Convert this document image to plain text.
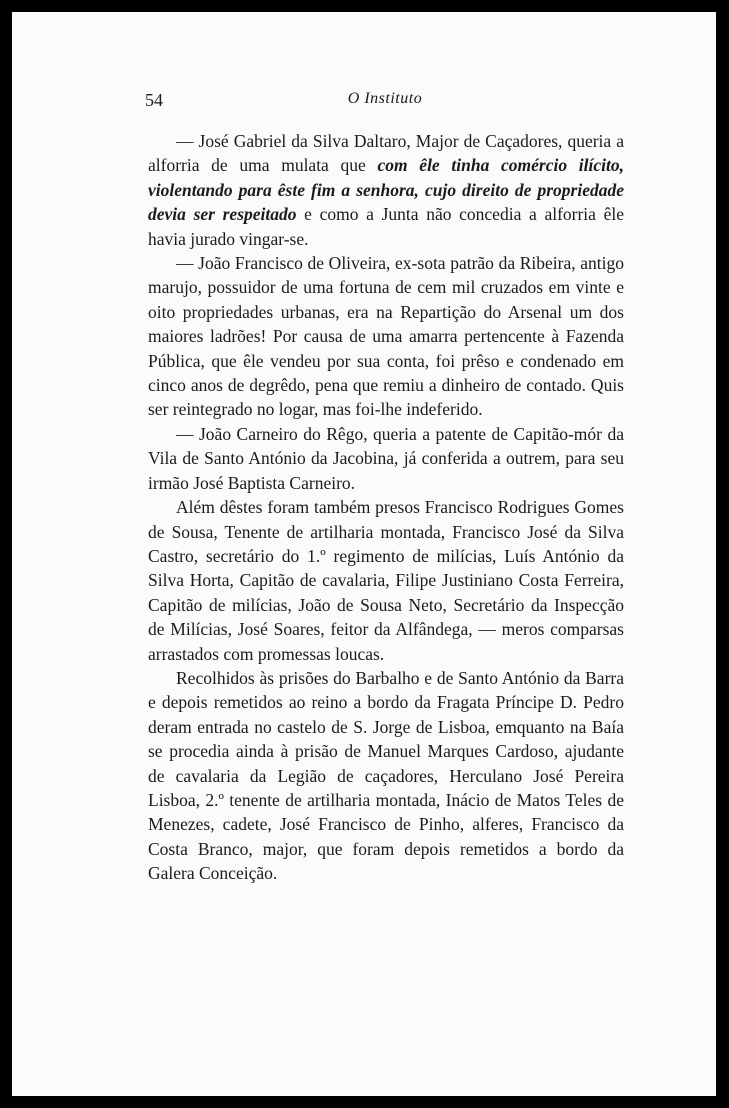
54	O Instituto

— José Gabriel da Silva Daltaro, Major de Caçadores, queria a alforria de uma mulata que com êle tinha comércio ilícito, violentando para êste fim a senhora, cujo direito de propriedade devia ser respeitado e como a Junta não concedia a alforria êle havia jurado vingar-se.

— João Francisco de Oliveira, ex-sota patrão da Ribeira, antigo marujo, possuidor de uma fortuna de cem mil cruzados em vinte e oito propriedades urbanas, era na Repartição do Arsenal um dos maiores ladrões! Por causa de uma amarra pertencente à Fazenda Pública, que êle vendeu por sua conta, foi prêso e condenado em cinco anos de degrêdo, pena que remiu a dinheiro de contado. Quis ser reintegrado no logar, mas foi-lhe indeferido.

— João Carneiro do Rêgo, queria a patente de Capitão-mór da Vila de Santo António da Jacobina, já conferida a outrem, para seu irmão José Baptista Carneiro.

Além dêstes foram também presos Francisco Rodrigues Gomes de Sousa, Tenente de artilharia montada, Francisco José da Silva Castro, secretário do 1.º regimento de milícias, Luís António da Silva Horta, Capitão de cavalaria, Filipe Justiniano Costa Ferreira, Capitão de milícias, João de Sousa Neto, Secretário da Inspecção de Milícias, José Soares, feitor da Alfândega, — meros comparsas arrastados com promessas loucas.

Recolhidos às prisões do Barbalho e de Santo António da Barra e depois remetidos ao reino a bordo da Fragata Príncipe D. Pedro deram entrada no castelo de S. Jorge de Lisboa, emquanto na Baía se procedia ainda à prisão de Manuel Marques Cardoso, ajudante de cavalaria da Legião de caçadores, Herculano José Pereira Lisboa, 2.º tenente de artilharia montada, Inácio de Matos Teles de Menezes, cadete, José Francisco de Pinho, alferes, Francisco da Costa Branco, major, que foram depois remetidos a bordo da Galera Conceição.
